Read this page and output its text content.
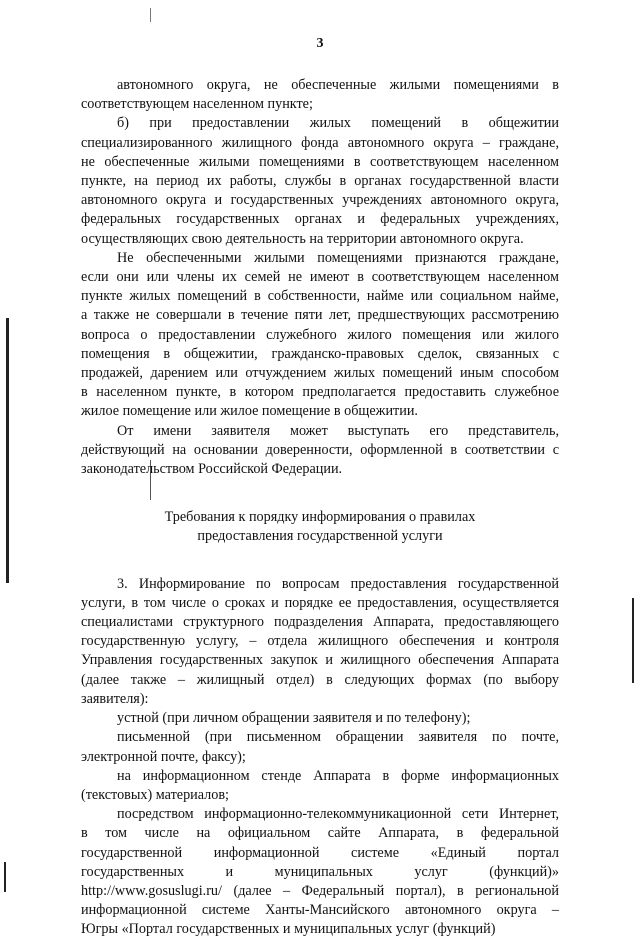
3
автономного округа, не обеспеченные жилыми помещениями в
соответствующем населенном пункте;
б) при предоставлении жилых помещений в общежитии
специализированного жилищного фонда автономного округа – граждане,
не обеспеченные жилыми помещениями в соответствующем населенном
пункте, на период их работы, службы в органах государственной власти
автономного округа и государственных учреждениях автономного округа,
федеральных государственных органах и федеральных учреждениях,
осуществляющих свою деятельность на территории автономного округа.
Не обеспеченными жилыми помещениями признаются граждане,
если они или члены их семей не имеют в соответствующем населенном
пункте жилых помещений в собственности, найме или социальном найме,
а также не совершали в течение пяти лет, предшествующих рассмотрению
вопроса о предоставлении служебного жилого помещения или жилого
помещения в общежитии, гражданско-правовых сделок, связанных с
продажей, дарением или отчуждением жилых помещений иным способом
в населенном пункте, в котором предполагается предоставить служебное
жилое помещение или жилое помещение в общежитии.
От имени заявителя может выступать его представитель,
действующий на основании доверенности, оформленной в соответствии с
законодательством Российской Федерации.

Требования к порядку информирования о правилах
предоставления государственной услуги

3. Информирование по вопросам предоставления государственной
услуги, в том числе о сроках и порядке ее предоставления, осуществляется
специалистами структурного подразделения Аппарата, предоставляющего
государственную услугу, – отдела жилищного обеспечения и контроля
Управления государственных закупок и жилищного обеспечения Аппарата
(далее также – жилищный отдел) в следующих формах (по выбору
заявителя):
устной (при личном обращении заявителя и по телефону);
письменной (при письменном обращении заявителя по почте,
электронной почте, факсу);
на информационном стенде Аппарата в форме информационных
(текстовых) материалов;
посредством информационно-телекоммуникационной сети Интернет,
в том числе на официальном сайте Аппарата, в федеральной
государственной информационной системе «Единый портал
государственных и муниципальных услуг (функций)»
http://www.gosuslugi.ru/ (далее – Федеральный портал), в региональной
информационной системе Ханты-Мансийского автономного округа –
Югры «Портал государственных и муниципальных услуг (функций)
